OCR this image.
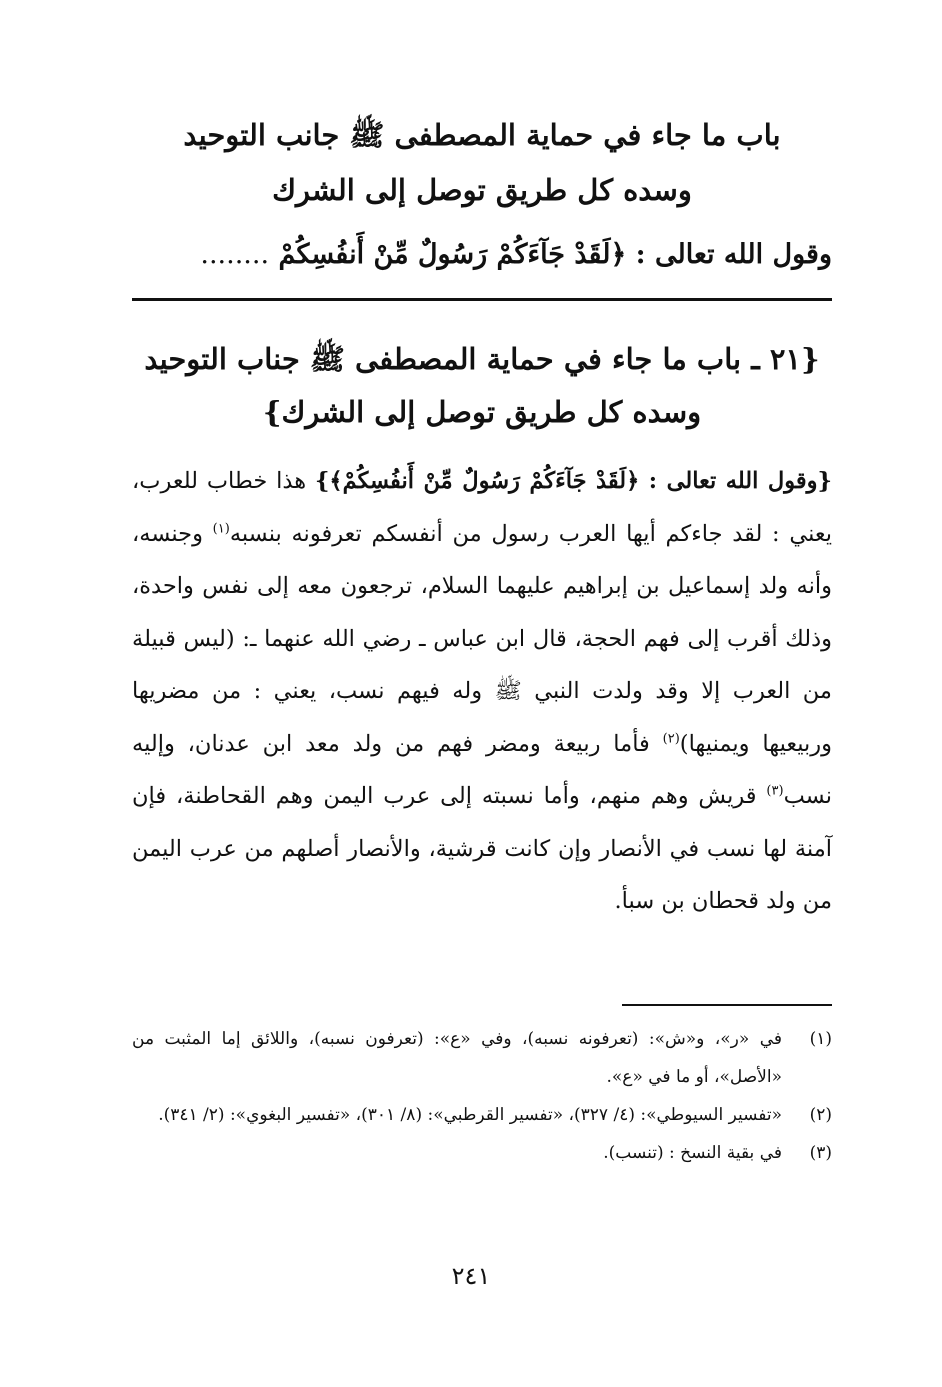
باب ما جاء في حماية المصطفى ﷺ جانب التوحيد
وسده كل طريق توصل إلى الشرك
وقول الله تعالى : ﴿لَقَدْ جَآءَكُمْ رَسُولٌ مِّنْ أَنفُسِكُمْ ........
{٢١ ـ باب ما جاء في حماية المصطفى ﷺ جناب التوحيد
وسده كل طريق توصل إلى الشرك}

{وقول الله تعالى : ﴿لَقَدْ جَآءَكُمْ رَسُولٌ مِّنْ أَنفُسِكُمْ﴾} هذا خطاب للعرب، يعني : لقد جاءكم أيها العرب رسول من أنفسكم تعرفونه بنسبه$^{(١)}$ وجنسه، وأنه ولد إسماعيل بن إبراهيم عليهما السلام، ترجعون معه إلى نفس واحدة، وذلك أقرب إلى فهم الحجة، قال ابن عباس ـ رضي الله عنهما ـ: (ليس قبيلة من العرب إلا وقد ولدت النبي ﷺ وله فيهم نسب، يعني : من مضريها وربيعيها ويمنيها)$^{(٢)}$ فأما ربيعة ومضر فهم من ولد معد ابن عدنان، وإليه نسب$^{(٣)}$ قريش وهم منهم، وأما نسبته إلى عرب اليمن وهم القحاطنة، فإن آمنة لها نسب في الأنصار وإن كانت قرشية، والأنصار أصلهم من عرب اليمن من ولد قحطان بن سبأ.

(١)
في «ر»، و«ش»: (تعرفونه نسبه)، وفي «ع»: (تعرفون نسبه)، واللائق إما المثبت من «الأصل»، أو ما في «ع».
(٢)
«تفسير السيوطي»: (٤/ ٣٢٧)، «تفسير القرطبي»: (٨/ ٣٠١)، «تفسير البغوي»: (٢/ ٣٤١).
(٣)
في بقية النسخ : (تنسب).
٢٤١
